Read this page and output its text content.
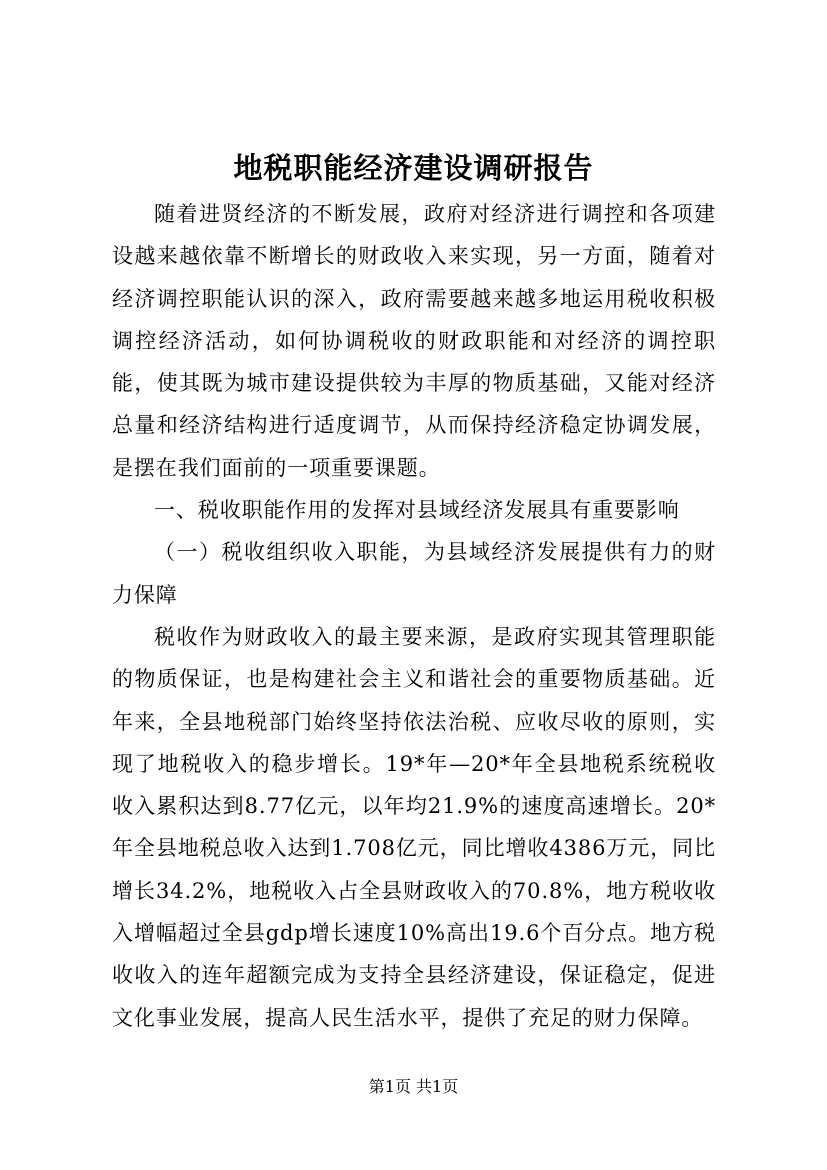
地税职能经济建设调研报告

随着进贤经济的不断发展，政府对经济进行调控和各项建设越来越依靠不断增长的财政收入来实现，另一方面，随着对经济调控职能认识的深入，政府需要越来越多地运用税收积极调控经济活动，如何协调税收的财政职能和对经济的调控职能，使其既为城市建设提供较为丰厚的物质基础，又能对经济总量和经济结构进行适度调节，从而保持经济稳定协调发展，是摆在我们面前的一项重要课题。

一、税收职能作用的发挥对县域经济发展具有重要影响

（一）税收组织收入职能，为县域经济发展提供有力的财力保障

税收作为财政收入的最主要来源，是政府实现其管理职能的物质保证，也是构建社会主义和谐社会的重要物质基础。近年来，全县地税部门始终坚持依法治税、应收尽收的原则，实现了地税收入的稳步增长。19*年—20*年全县地税系统税收收入累积达到8.77亿元，以年均21.9%的速度高速增长。20*年全县地税总收入达到1.708亿元，同比增收4386万元，同比增长34.2%，地税收入占全县财政收入的70.8%，地方税收收入增幅超过全县gdp增长速度10%高出19.6个百分点。地方税收收入的连年超额完成为支持全县经济建设，保证稳定，促进文化事业发展，提高人民生活水平，提供了充足的财力保障。

第1页 共1页
